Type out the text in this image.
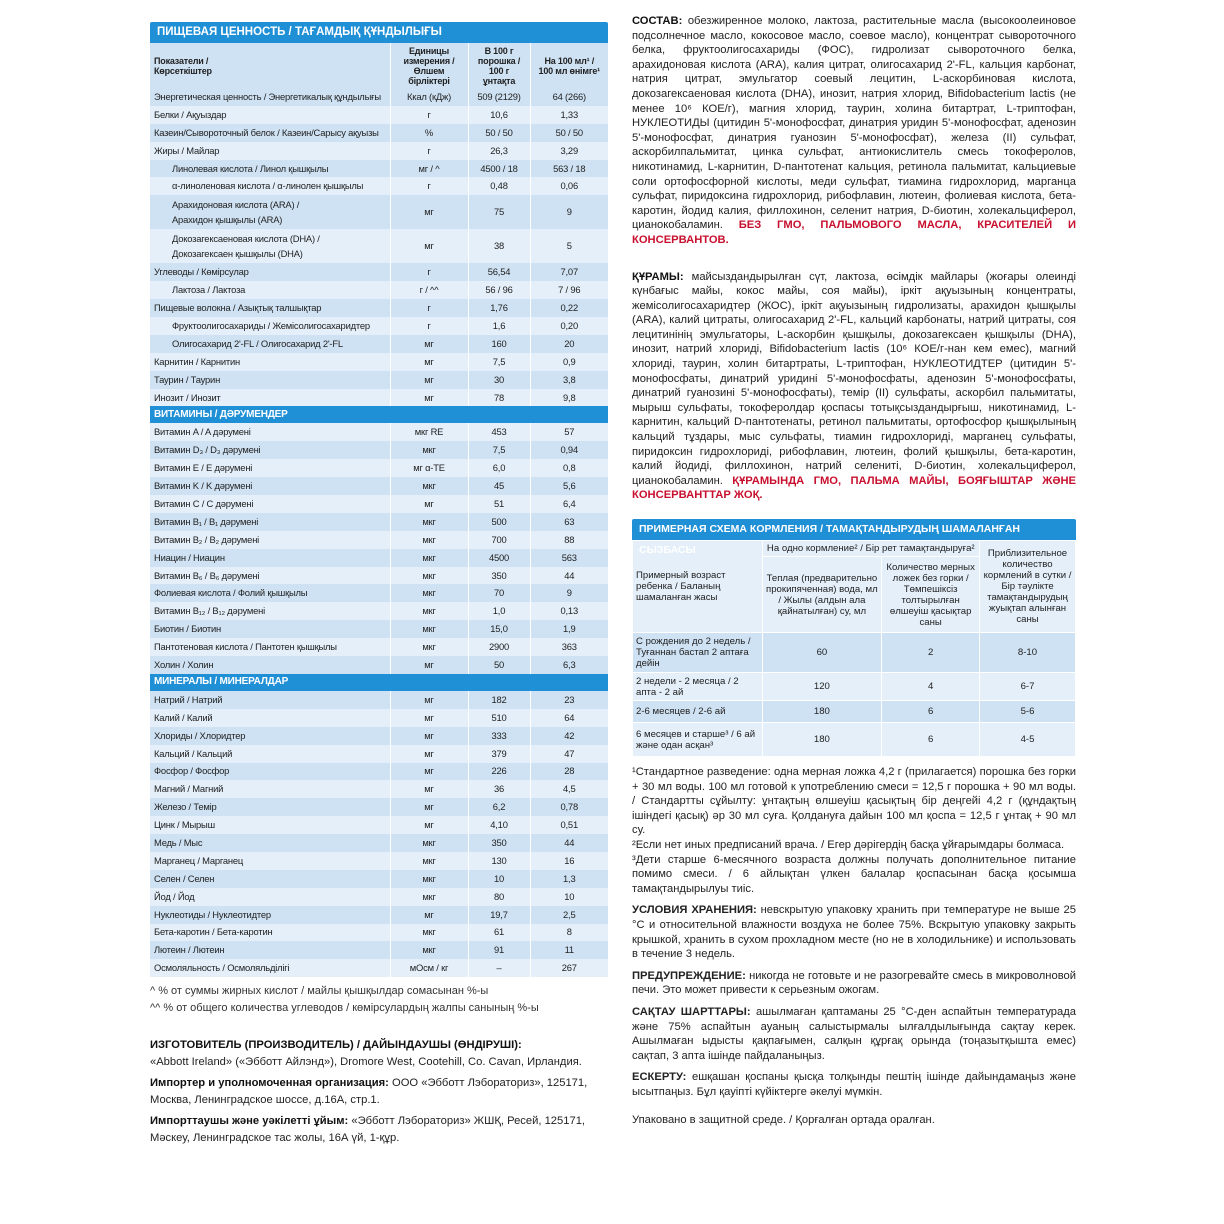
ПИЩЕВАЯ ЦЕННОСТЬ / ТАҒАМДЫҚ ҚҰНДЫЛЫҒЫ
Показатели /
Көрсеткіштер	Единицы
измерения /
Өлшем бірліктері	В 100 г
порошка /
100 г ұнтақта	На 100 мл¹ /
100 мл өнімге¹
Энергетическая ценность / Энергетикалық құндылығы	Ккал (кДж)	509 (2129)	64 (266)
Белки / Ақуыздар	г	10,6	1,33
Казеин/Сывороточный белок / Казеин/Сарысу ақуызы	%	50 / 50	50 / 50
Жиры / Майлар	г	26,3	3,29
Линолевая кислота / Линол қышқылы	мг / ^	4500 / 18	563 / 18
α-линоленовая кислота / α-линолен қышқылы	г	0,48	0,06
Арахидоновая кислота (ARA) /
Арахидон қышқылы (ARA)	мг	75	9
Докозагексаеновая кислота (DHA) /
Докозагексаен қышқылы (DHA)	мг	38	5
Углеводы / Көмірсулар	г	56,54	7,07
Лактоза / Лактоза	г / ^^	56 / 96	7 / 96
Пищевые волокна / Азықтық талшықтар	г	1,76	0,22
Фруктоолигосахариды / Жемісолигосахаридтер	г	1,6	0,20
Олигосахарид 2'-FL / Олигосахарид 2'-FL	мг	160	20
Карнитин / Карнитин	мг	7,5	0,9
Таурин / Таурин	мг	30	3,8
Инозит / Инозит	мг	78	9,8
ВИТАМИНЫ / ДӘРУМЕНДЕР			
Витамин A / A дәрумені	мкг RE	453	57
Витамин D₃ / D₃ дәрумені	мкг	7,5	0,94
Витамин E / E дәрумені	мг α-TE	6,0	0,8
Витамин K / K дәрумені	мкг	45	5,6
Витамин C / C дәрумені	мг	51	6,4
Витамин B₁ / B₁ дәрумені	мкг	500	63
Витамин B₂ / B₂ дәрумені	мкг	700	88
Ниацин / Ниацин	мкг	4500	563
Витамин B₆ / B₆ дәрумені	мкг	350	44
Фолиевая кислота / Фолий қышқылы	мкг	70	9
Витамин B₁₂ / B₁₂ дәрумені	мкг	1,0	0,13
Биотин / Биотин	мкг	15,0	1,9
Пантотеновая кислота / Пантотен қышқылы	мкг	2900	363
Холин / Холин	мг	50	6,3
МИНЕРАЛЫ / МИНЕРАЛДАР			
Натрий / Натрий	мг	182	23
Калий / Калий	мг	510	64
Хлориды / Хлоридтер	мг	333	42
Кальций / Кальций	мг	379	47
Фосфор / Фосфор	мг	226	28
Магний / Магний	мг	36	4,5
Железо / Темір	мг	6,2	0,78
Цинк / Мырыш	мг	4,10	0,51
Медь / Мыс	мкг	350	44
Марганец / Марганец	мкг	130	16
Селен / Селен	мкг	10	1,3
Йод / Йод	мкг	80	10
Нуклеотиды / Нуклеотидтер	мг	19,7	2,5
Бета-каротин / Бета-каротин	мкг	61	8
Лютеин / Лютеин	мкг	91	11
Осмоляльность / Осмоляльділігі	мОсм / кг	–	267
^ % от суммы жирных кислот / майлы қышқылдар сомасынан %-ы
^^ % от общего количества углеводов / көмірсулардың жалпы санының %-ы
ИЗГОТОВИТЕЛЬ (ПРОИЗВОДИТЕЛЬ) / ДАЙЫНДАУШЫ (ӨНДІРУШІ):
«Abbott Ireland» («Эбботт Айлэнд»), Dromore West, Cootehill, Co. Cavan, Ирландия.
Импортер и уполномоченная организация: ООО «Эбботт Лэбораториз», 125171, Москва, Ленинградское шоссе, д.16А, стр.1.
Импорттаушы және уәкілетті ұйым: «Эбботт Лэбораториз» ЖШҚ, Ресей, 125171, Мәскеу, Ленинградское тас жолы, 16А үй, 1-құр.

СОСТАВ: обезжиренное молоко, лактоза, растительные масла (высокоолеиновое подсолнечное масло, кокосовое масло, соевое масло), концентрат сывороточного белка, фруктоолигосахариды (ФОС), гидролизат сывороточного белка, арахидоновая кислота (ARA), калия цитрат, олигосахарид 2'-FL, кальция карбонат, натрия цитрат, эмульгатор соевый лецитин, L-аскорбиновая кислота, докозагексаеновая кислота (DHA), инозит, натрия хлорид, Bifidobacterium lactis (не менее 10⁶ КОЕ/г), магния хлорид, таурин, холина битартрат, L-триптофан, НУКЛЕОТИДЫ (цитидин 5'-монофосфат, динатрия уридин 5'-монофосфат, аденозин 5'-монофосфат, динатрия гуанозин 5'-монофосфат), железа (II) сульфат, аскорбилпальмитат, цинка сульфат, антиокислитель смесь токоферолов, никотинамид, L-карнитин, D-пантотенат кальция, ретинола пальмитат, кальциевые соли ортофосфорной кислоты, меди сульфат, тиамина гидрохлорид, марганца сульфат, пиридоксина гидрохлорид, рибофлавин, лютеин, фолиевая кислота, бета-каротин, йодид калия, филлохинон, селенит натрия, D-биотин, холекальциферол, цианокобаламин. БЕЗ ГМО, ПАЛЬМОВОГО МАСЛА, КРАСИТЕЛЕЙ И КОНСЕРВАНТОВ.

ҚҰРАМЫ: майсыздандырылған сүт, лактоза, өсімдік майлары (жоғары олеинді күнбағыс майы, кокос майы, соя майы), іркіт ақуызының концентраты, жемісолигосахаридтер (ЖОС), іркіт ақуызының гидролизаты, арахидон қышқылы (ARA), калий цитраты, олигосахарид 2'-FL, кальций карбонаты, натрий цитраты, соя лецитинінің эмульгаторы, L-аскорбин қышқылы, докозагексаен қышқылы (DHA), инозит, натрий хлориді, Bifidobacterium lactis (10⁶ КОЕ/г-нан кем емес), магний хлориді, таурин, холин битартраты, L-триптофан, НУКЛЕОТИДТЕР (цитидин 5'-монофосфаты, динатрий уридині 5'-монофосфаты, аденозин 5'-монофосфаты, динатрий гуанозині 5'-монофосфаты), темір (II) сульфаты, аскорбил пальмитаты, мырыш сульфаты, токоферолдар қоспасы тотықсыздандырғыш, никотинамид, L-карнитин, кальций D-пантотенаты, ретинол пальмитаты, ортофосфор қышқылының кальций тұздары, мыс сульфаты, тиамин гидрохлориді, марганец сульфаты, пиридоксин гидрохлориді, рибофлавин, лютеин, фолий қышқылы, бета-каротин, калий йодиді, филлохинон, натрий селениті, D-биотин, холекальциферол, цианокобаламин. ҚҰРАМЫНДА ГМО, ПАЛЬМА МАЙЫ, БОЯҒЫШТАР ЖӘНЕ КОНСЕРВАНТТАР ЖОҚ.

ПРИМЕРНАЯ СХЕМА КОРМЛЕНИЯ / ТАМАҚТАНДЫРУДЫҢ ШАМАЛАНҒАН СЫЗБАСЫ
Примерный возраст ребенка / Баланың шамаланған жасы	На одно кормление² / Бір рет тамақтандыруға²		Приблизительное количество кормлений в сутки / Бір тәулікте тамақтандырудың жуықтап алынған саны
	Теплая (предварительно прокипяченная) вода, мл / Жылы (алдын ала қайнатылған) су, мл	Количество мерных ложек без горки / Төмпешіксіз толтырылған өлшеуіш қасықтар саны	
С рождения до 2 недель / Туғаннан бастап 2 аптаға дейін	60	2	8-10
2 недели - 2 месяца / 2 апта - 2 ай	120	4	6-7
2-6 месяцев / 2-6 ай	180	6	5-6
6 месяцев и старше³ / 6 ай және одан асқан³	180	6	4-5

¹Стандартное разведение: одна мерная ложка 4,2 г (прилагается) порошка без горки + 30 мл воды. 100 мл готовой к употреблению смеси = 12,5 г порошка + 90 мл воды. / Стандартты сұйылту: ұнтақтың өлшеуіш қасықтың бір деңгейі 4,2 г (құндақтың ішіндегі қасық) әр 30 мл суға. Қолдануға дайын 100 мл қоспа = 12,5 г ұнтақ + 90 мл су.

²Если нет иных предписаний врача. / Егер дәрігердің басқа ұйғарымдары болмаса.

³Дети старше 6-месячного возраста должны получать дополнительное питание помимо смеси. / 6 айлықтан үлкен балалар қоспасынан басқа қосымша тамақтандырылуы тиіс.

УСЛОВИЯ ХРАНЕНИЯ: невскрытую упаковку хранить при температуре не выше 25 °С и относительной влажности воздуха не более 75%. Вскрытую упаковку закрыть крышкой, хранить в сухом прохладном месте (но не в холодильнике) и использовать в течение 3 недель.

ПРЕДУПРЕЖДЕНИЕ: никогда не готовьте и не разогревайте смесь в микроволновой печи. Это может привести к серьезным ожогам.

САҚТАУ ШАРТТАРЫ: ашылмаған қаптаманы 25 °С-ден аспайтын температурада және 75% аспайтын ауаның салыстырмалы ылғалдылығында сақтау керек. Ашылмаған ыдысты қақпағымен, салқын құрғақ орында (тоңазытқышта емес) сақтап, 3 апта ішінде пайдаланыңыз.

ЕСКЕРТУ: ешқашан қоспаны қысқа толқынды пештің ішінде дайындамаңыз және ысытпаңыз. Бұл қауіпті күйіктерге әкелуі мүмкін.

Упаковано в защитной среде. / Қорғалған ортада оралған.
